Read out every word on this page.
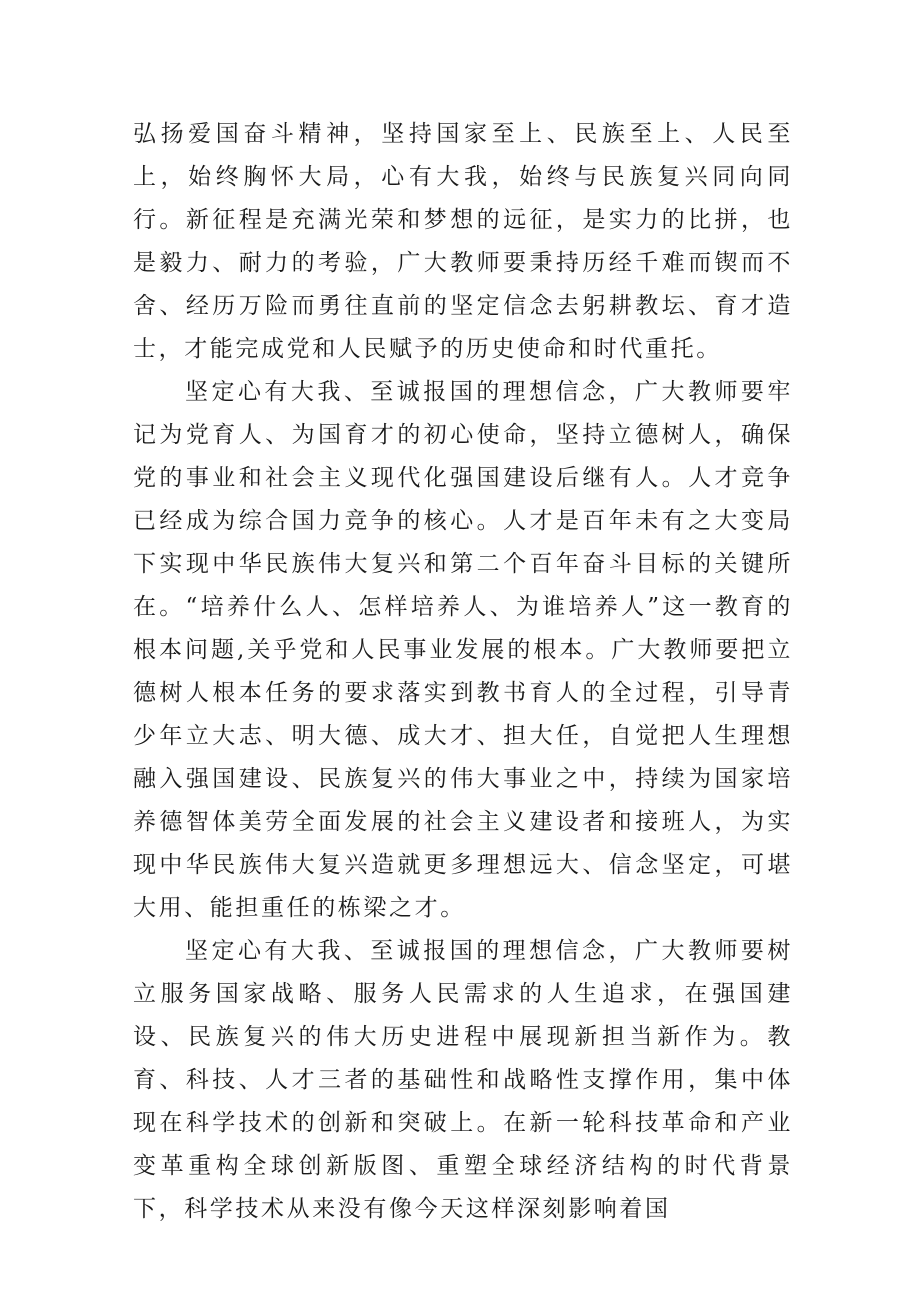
弘扬爱国奋斗精神，坚持国家至上、民族至上、人民至上，始终胸怀大局，心有大我，始终与民族复兴同向同行。新征程是充满光荣和梦想的远征，是实力的比拼，也是毅力、耐力的考验，广大教师要秉持历经千难而锲而不舍、经历万险而勇往直前的坚定信念去躬耕教坛、育才造士，才能完成党和人民赋予的历史使命和时代重托。

坚定心有大我、至诚报国的理想信念，广大教师要牢记为党育人、为国育才的初心使命，坚持立德树人，确保党的事业和社会主义现代化强国建设后继有人。人才竞争已经成为综合国力竞争的核心。人才是百年未有之大变局下实现中华民族伟大复兴和第二个百年奋斗目标的关键所在。“培养什么人、怎样培养人、为谁培养人”这一教育的根本问题,关乎党和人民事业发展的根本。广大教师要把立德树人根本任务的要求落实到教书育人的全过程，引导青少年立大志、明大德、成大才、担大任，自觉把人生理想融入强国建设、民族复兴的伟大事业之中，持续为国家培养德智体美劳全面发展的社会主义建设者和接班人，为实现中华民族伟大复兴造就更多理想远大、信念坚定，可堪大用、能担重任的栋梁之才。

坚定心有大我、至诚报国的理想信念，广大教师要树立服务国家战略、服务人民需求的人生追求，在强国建设、民族复兴的伟大历史进程中展现新担当新作为。教育、科技、人才三者的基础性和战略性支撑作用，集中体现在科学技术的创新和突破上。在新一轮科技革命和产业变革重构全球创新版图、重塑全球经济结构的时代背景下，科学技术从来没有像今天这样深刻影响着国
